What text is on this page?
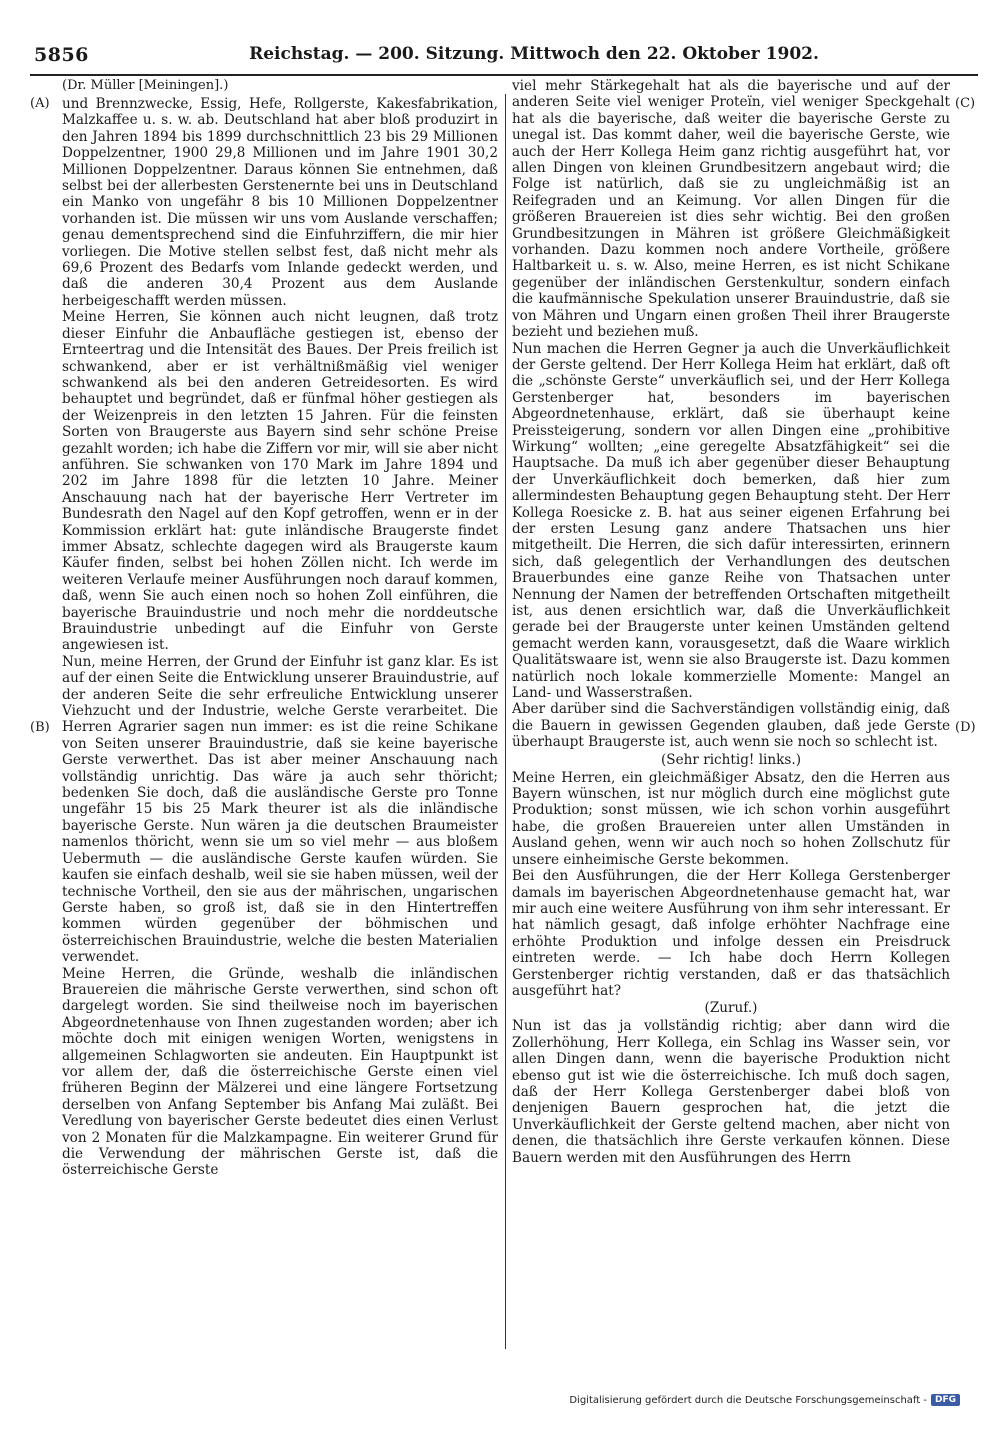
5856	Reichstag. — 200. Sitzung. Mittwoch den 22. Oktober 1902.
(A)
(B)
(C)
(D)

(Dr. Müller [Meiningen].)

und Brennzwecke, Essig, Hefe, Rollgerste, Kakesfabrikation, Malzkaffee u. s. w. ab. Deutschland hat aber bloß produzirt in den Jahren 1894 bis 1899 durchschnittlich 23 bis 29 Millionen Doppelzentner, 1900 29,8 Millionen und im Jahre 1901 30,2 Millionen Doppelzentner. Daraus können Sie entnehmen, daß selbst bei der allerbesten Gerstenernte bei uns in Deutschland ein Manko von ungefähr 8 bis 10 Millionen Doppelzentner vorhanden ist. Die müssen wir uns vom Auslande verschaffen; genau dementsprechend sind die Einfuhrziffern, die mir hier vorliegen. Die Motive stellen selbst fest, daß nicht mehr als 69,6 Prozent des Bedarfs vom Inlande gedeckt werden, und daß die anderen 30,4 Prozent aus dem Auslande herbeigeschafft werden müssen.

Meine Herren, Sie können auch nicht leugnen, daß trotz dieser Einfuhr die Anbaufläche gestiegen ist, ebenso der Ernteertrag und die Intensität des Baues. Der Preis freilich ist schwankend, aber er ist verhältnißmäßig viel weniger schwankend als bei den anderen Getreidesorten. Es wird behauptet und begründet, daß er fünfmal höher gestiegen als der Weizenpreis in den letzten 15 Jahren. Für die feinsten Sorten von Braugerste aus Bayern sind sehr schöne Preise gezahlt worden; ich habe die Ziffern vor mir, will sie aber nicht anführen. Sie schwanken von 170 Mark im Jahre 1894 und 202 im Jahre 1898 für die letzten 10 Jahre. Meiner Anschauung nach hat der bayerische Herr Vertreter im Bundesrath den Nagel auf den Kopf getroffen, wenn er in der Kommission erklärt hat: gute inländische Braugerste findet immer Absatz, schlechte dagegen wird als Braugerste kaum Käufer finden, selbst bei hohen Zöllen nicht. Ich werde im weiteren Verlaufe meiner Ausführungen noch darauf kommen, daß, wenn Sie auch einen noch so hohen Zoll einführen, die bayerische Brauindustrie und noch mehr die norddeutsche Brauindustrie unbedingt auf die Einfuhr von Gerste angewiesen ist.

Nun, meine Herren, der Grund der Einfuhr ist ganz klar. Es ist auf der einen Seite die Entwicklung unserer Brauindustrie, auf der anderen Seite die sehr erfreuliche Entwicklung unserer Viehzucht und der Industrie, welche Gerste verarbeitet. Die Herren Agrarier sagen nun immer: es ist die reine Schikane von Seiten unserer Brauindustrie, daß sie keine bayerische Gerste verwerthet. Das ist aber meiner Anschauung nach vollständig unrichtig. Das wäre ja auch sehr thöricht; bedenken Sie doch, daß die ausländische Gerste pro Tonne ungefähr 15 bis 25 Mark theurer ist als die inländische bayerische Gerste. Nun wären ja die deutschen Braumeister namenlos thöricht, wenn sie um so viel mehr — aus bloßem Uebermuth — die ausländische Gerste kaufen würden. Sie kaufen sie einfach deshalb, weil sie sie haben müssen, weil der technische Vortheil, den sie aus der mährischen, ungarischen Gerste haben, so groß ist, daß sie in den Hintertreffen kommen würden gegenüber der böhmischen und österreichischen Brauindustrie, welche die besten Materialien verwendet.

Meine Herren, die Gründe, weshalb die inländischen Brauereien die mährische Gerste verwerthen, sind schon oft dargelegt worden. Sie sind theilweise noch im bayerischen Abgeordnetenhause von Ihnen zugestanden worden; aber ich möchte doch mit einigen wenigen Worten, wenigstens in allgemeinen Schlagworten sie andeuten. Ein Hauptpunkt ist vor allem der, daß die österreichische Gerste einen viel früheren Beginn der Mälzerei und eine längere Fortsetzung derselben von Anfang September bis Anfang Mai zuläßt. Bei Veredlung von bayerischer Gerste bedeutet dies einen Verlust von 2 Monaten für die Malzkampagne. Ein weiterer Grund für die Verwendung der mährischen Gerste ist, daß die österreichische Gerste

viel mehr Stärkegehalt hat als die bayerische und auf der anderen Seite viel weniger Proteïn, viel weniger Speckgehalt hat als die bayerische, daß weiter die bayerische Gerste zu unegal ist. Das kommt daher, weil die bayerische Gerste, wie auch der Herr Kollega Heim ganz richtig ausgeführt hat, vor allen Dingen von kleinen Grundbesitzern angebaut wird; die Folge ist natürlich, daß sie zu ungleichmäßig ist an Reifegraden und an Keimung. Vor allen Dingen für die größeren Brauereien ist dies sehr wichtig. Bei den großen Grundbesitzungen in Mähren ist größere Gleichmäßigkeit vorhanden. Dazu kommen noch andere Vortheile, größere Haltbarkeit u. s. w. Also, meine Herren, es ist nicht Schikane gegenüber der inländischen Gerstenkultur, sondern einfach die kaufmännische Spekulation unserer Brauindustrie, daß sie von Mähren und Ungarn einen großen Theil ihrer Braugerste bezieht und beziehen muß.

Nun machen die Herren Gegner ja auch die Unverkäuflichkeit der Gerste geltend. Der Herr Kollega Heim hat erklärt, daß oft die „schönste Gerste“ unverkäuflich sei, und der Herr Kollega Gerstenberger hat, besonders im bayerischen Abgeordnetenhause, erklärt, daß sie überhaupt keine Preissteigerung, sondern vor allen Dingen eine „prohibitive Wirkung“ wollten; „eine geregelte Absatzfähigkeit“ sei die Hauptsache. Da muß ich aber gegenüber dieser Behauptung der Unverkäuflichkeit doch bemerken, daß hier zum allermindesten Behauptung gegen Behauptung steht. Der Herr Kollega Roesicke z. B. hat aus seiner eigenen Erfahrung bei der ersten Lesung ganz andere Thatsachen uns hier mitgetheilt. Die Herren, die sich dafür interessirten, erinnern sich, daß gelegentlich der Verhandlungen des deutschen Brauerbundes eine ganze Reihe von Thatsachen unter Nennung der Namen der betreffenden Ortschaften mitgetheilt ist, aus denen ersichtlich war, daß die Unverkäuflichkeit gerade bei der Braugerste unter keinen Umständen geltend gemacht werden kann, vorausgesetzt, daß die Waare wirklich Qualitätswaare ist, wenn sie also Braugerste ist. Dazu kommen natürlich noch lokale kommerzielle Momente: Mangel an Land- und Wasserstraßen.

Aber darüber sind die Sachverständigen vollständig einig, daß die Bauern in gewissen Gegenden glauben, daß jede Gerste überhaupt Braugerste ist, auch wenn sie noch so schlecht ist.

(Sehr richtig! links.)

Meine Herren, ein gleichmäßiger Absatz, den die Herren aus Bayern wünschen, ist nur möglich durch eine möglichst gute Produktion; sonst müssen, wie ich schon vorhin ausgeführt habe, die großen Brauereien unter allen Umständen in Ausland gehen, wenn wir auch noch so hohen Zollschutz für unsere einheimische Gerste bekommen.

Bei den Ausführungen, die der Herr Kollega Gerstenberger damals im bayerischen Abgeordnetenhause gemacht hat, war mir auch eine weitere Ausführung von ihm sehr interessant. Er hat nämlich gesagt, daß infolge erhöhter Nachfrage eine erhöhte Produktion und infolge dessen ein Preisdruck eintreten werde. — Ich habe doch Herrn Kollegen Gerstenberger richtig verstanden, daß er das thatsächlich ausgeführt hat?

(Zuruf.)

Nun ist das ja vollständig richtig; aber dann wird die Zollerhöhung, Herr Kollega, ein Schlag ins Wasser sein, vor allen Dingen dann, wenn die bayerische Produktion nicht ebenso gut ist wie die österreichische. Ich muß doch sagen, daß der Herr Kollega Gerstenberger dabei bloß von denjenigen Bauern gesprochen hat, die jetzt die Unverkäuflichkeit der Gerste geltend machen, aber nicht von denen, die thatsächlich ihre Gerste verkaufen können. Diese Bauern werden mit den Ausführungen des Herrn

Digitalisierung gefördert durch die Deutsche Forschungsgemeinschaft - DFG
